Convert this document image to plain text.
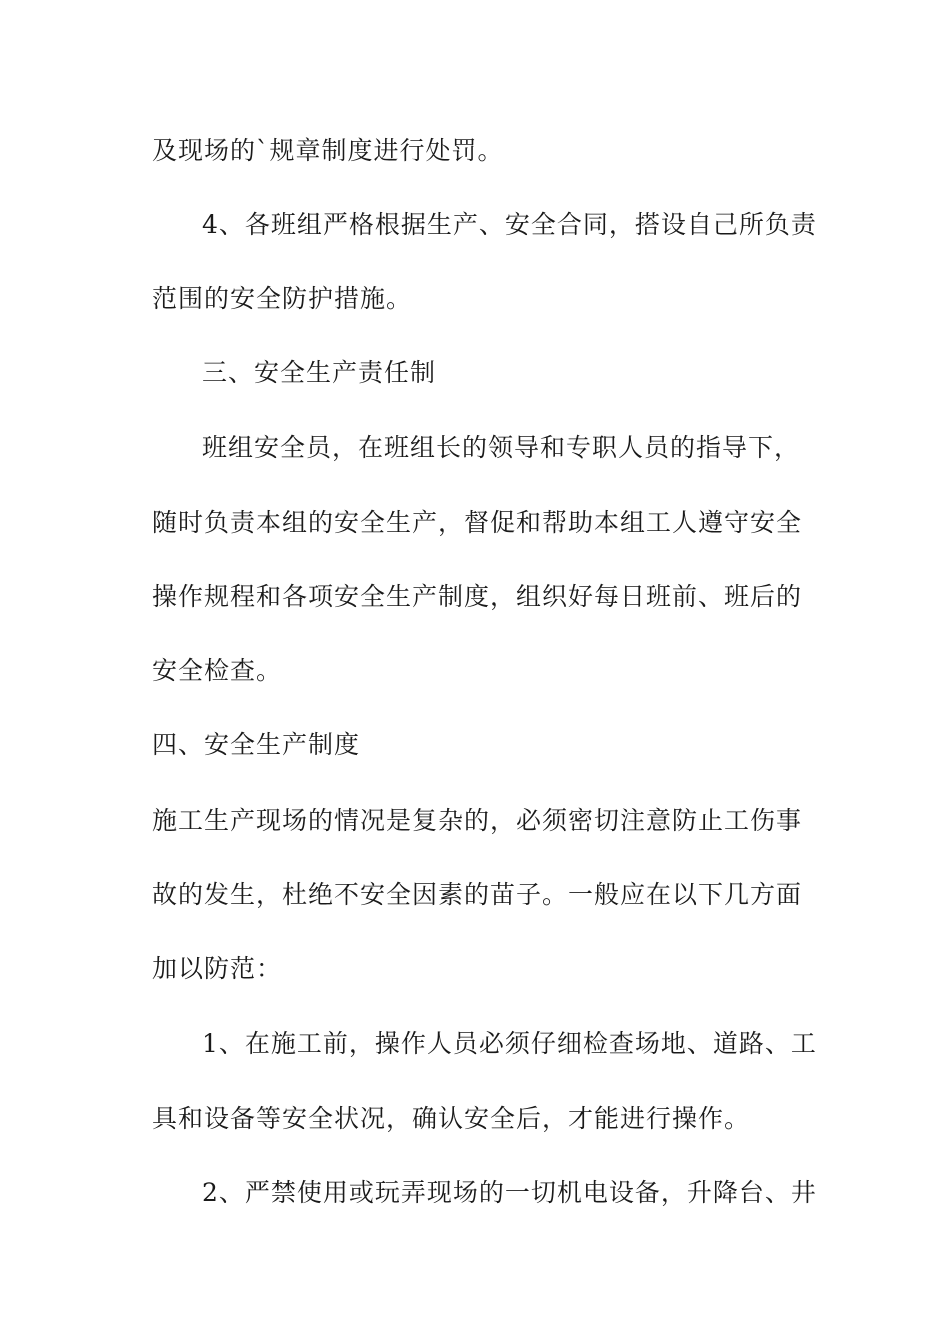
及现场的`规章制度进行处罚。
4、各班组严格根据生产、安全合同，搭设自己所负责
范围的安全防护措施。
三、安全生产责任制
班组安全员，在班组长的领导和专职人员的指导下，
随时负责本组的安全生产，督促和帮助本组工人遵守安全
操作规程和各项安全生产制度，组织好每日班前、班后的
安全检查。
四、安全生产制度
施工生产现场的情况是复杂的，必须密切注意防止工伤事
故的发生，杜绝不安全因素的苗子。一般应在以下几方面
加以防范：
1、在施工前，操作人员必须仔细检查场地、道路、工
具和设备等安全状况，确认安全后，才能进行操作。
2、严禁使用或玩弄现场的一切机电设备，升降台、井
